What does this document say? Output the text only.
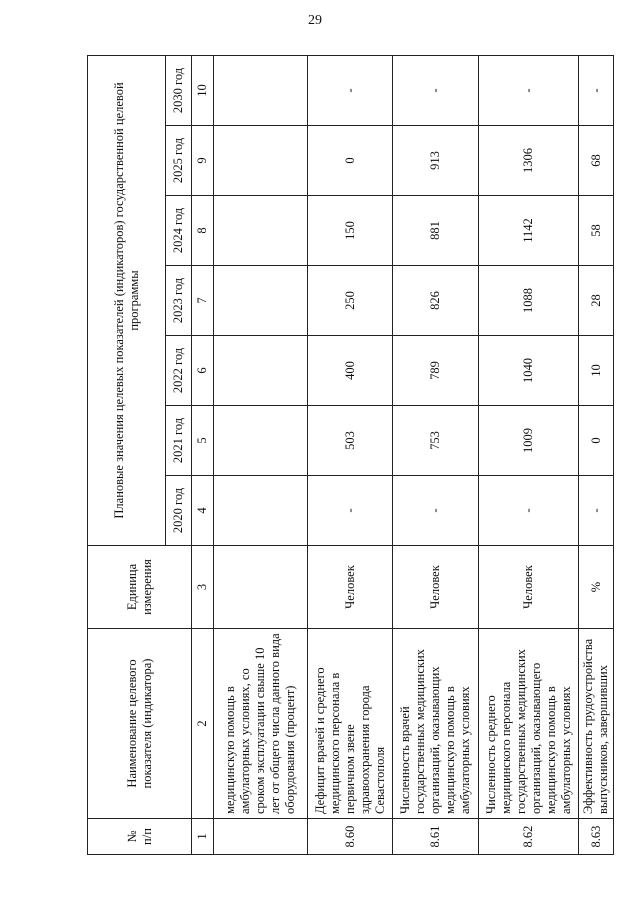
29
№
п/п	Наименование целевого показателя (индикатора)	Единица измерения	Плановые значения целевых показателей (индикаторов) государственной целевой программы						
			2020 год	2021 год	2022 год	2023 год	2024 год	2025 год	2030 год
1	2	3	4	5	6	7	8	9	10
	медицинскую помощь в амбулаторных условиях, со сроком эксплуатации свыше 10 лет от общего числа данного вида оборудования (процент)								
8.60	Дефицит врачей и среднего медицинского персонала в первичном звене здравоохранения города Севастополя	Человек	-	503	400	250	150	0	-
8.61	Численность врачей государственных медицинских организаций, оказывающих медицинскую помощь в амбулаторных условиях	Человек	-	753	789	826	881	913	-
8.62	Численность среднего медицинского персонала государственных медицинских организаций, оказывающего медицинскую помощь в амбулаторных условиях	Человек	-	1009	1040	1088	1142	1306	-
8.63	Эффективность трудоустройства выпускников, завершивших	%	-	0	10	28	58	68	-
